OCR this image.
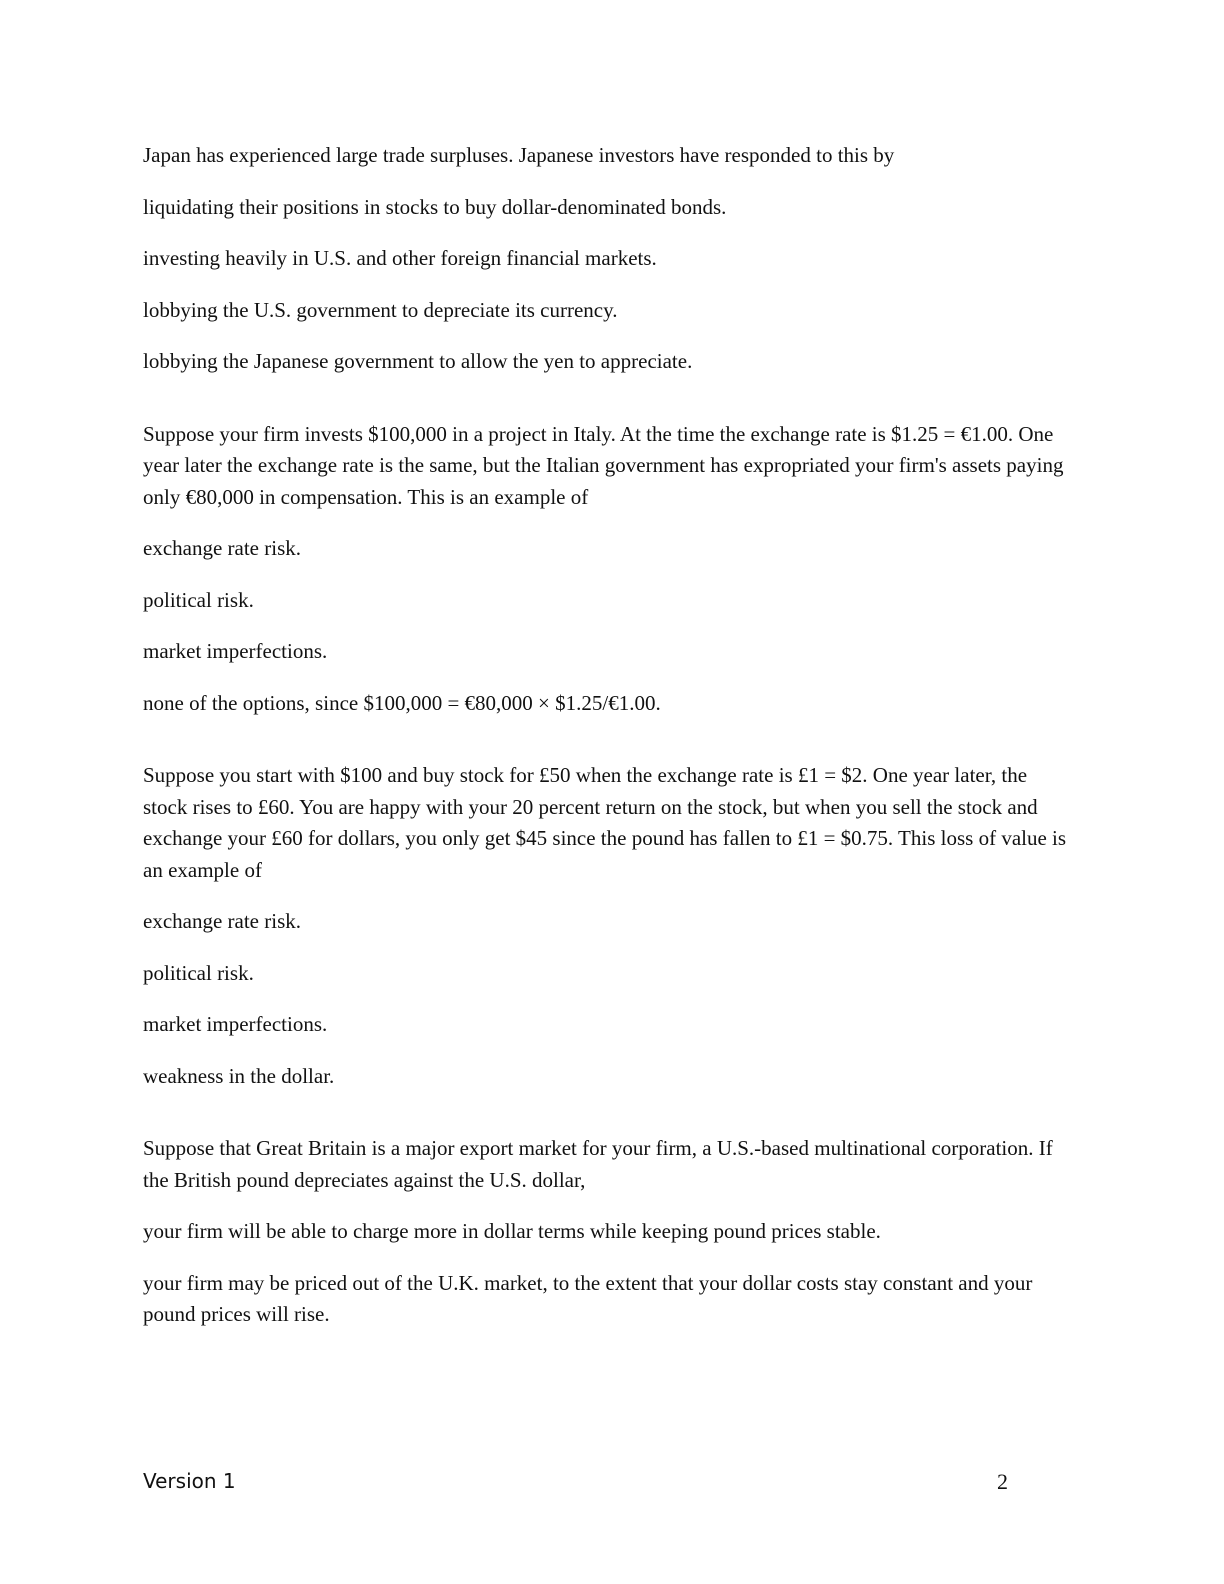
Japan has experienced large trade surpluses. Japanese investors have responded to this by

liquidating their positions in stocks to buy dollar-denominated bonds.

investing heavily in U.S. and other foreign financial markets.

lobbying the U.S. government to depreciate its currency.

lobbying the Japanese government to allow the yen to appreciate.

Suppose your firm invests $100,000 in a project in Italy. At the time the exchange rate is $1.25 = €1.00. One year later the exchange rate is the same, but the Italian government has expropriated your firm's assets paying only €80,000 in compensation. This is an example of

exchange rate risk.

political risk.

market imperfections.

none of the options, since $100,000 = €80,000 × $1.25/€1.00.

Suppose you start with $100 and buy stock for £50 when the exchange rate is £1 = $2. One year later, the stock rises to £60. You are happy with your 20 percent return on the stock, but when you sell the stock and exchange your £60 for dollars, you only get $45 since the pound has fallen to £1 = $0.75. This loss of value is an example of

exchange rate risk.

political risk.

market imperfections.

weakness in the dollar.

Suppose that Great Britain is a major export market for your firm, a U.S.-based multinational corporation. If the British pound depreciates against the U.S. dollar,

your firm will be able to charge more in dollar terms while keeping pound prices stable.

your firm may be priced out of the U.K. market, to the extent that your dollar costs stay constant and your pound prices will rise.

Version 1	2
